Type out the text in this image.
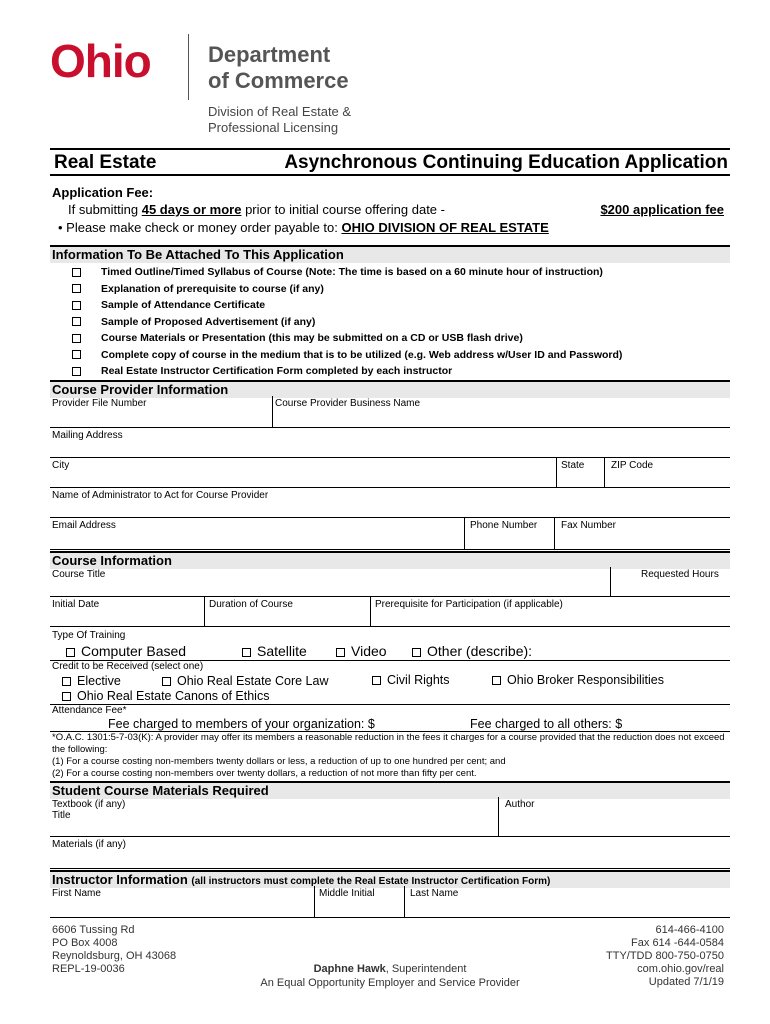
Ohio	Department
of Commerce
Division of Real Estate &
Professional Licensing
Real Estate	Asynchronous Continuing Education Application
Application Fee:
If submitting 45 days or more prior to initial course offering date -	$200 application fee
• Please make check or money order payable to: OHIO DIVISION OF REAL ESTATE
Information To Be Attached To This Application
Timed Outline/Timed Syllabus of Course (Note: The time is based on a 60 minute hour of instruction)
Explanation of prerequisite to course (if any)
Sample of Attendance Certificate
Sample of Proposed Advertisement (if any)
Course Materials or Presentation (this may be submitted on a CD or USB flash drive)
Complete copy of course in the medium that is to be utilized (e.g. Web address w/User ID and Password)
Real Estate Instructor Certification Form completed by each instructor
Course Provider Information
Provider File Number	Course Provider Business Name
Mailing Address
City	State	ZIP Code
Name of Administrator to Act for Course Provider
Email Address	Phone Number	Fax Number
Course Information
Course Title	Requested Hours
Initial Date	Duration of Course	Prerequisite for Participation (if applicable)
Type Of Training
Computer Based	Satellite	Video	Other (describe):
Credit to be Received (select one)
Elective	Ohio Real Estate Core Law	Civil Rights	Ohio Broker Responsibilities
Ohio Real Estate Canons of Ethics
Attendance Fee*
Fee charged to members of your organization: $	Fee charged to all others: $
*O.A.C. 1301:5-7-03(K): A provider may offer its members a reasonable reduction in the fees it charges for a course provided that the reduction does not exceed the following:
(1) For a course costing non-members twenty dollars or less, a reduction of up to one hundred per cent; and
(2) For a course costing non-members over twenty dollars, a reduction of not more than fifty per cent.
Student Course Materials Required
Textbook (if any)
Title
Author
Materials (if any)
Instructor Information (all instructors must complete the Real Estate Instructor Certification Form)
First Name	Middle Initial	Last Name
6606 Tussing Rd
PO Box 4008
Reynoldsburg, OH 43068
REPL-19-0036	Daphne Hawk, Superintendent
An Equal Opportunity Employer and Service Provider
614-466-4100
Fax 614 -644-0584
TTY/TDD 800-750-0750
com.ohio.gov/real
Updated 7/1/19
